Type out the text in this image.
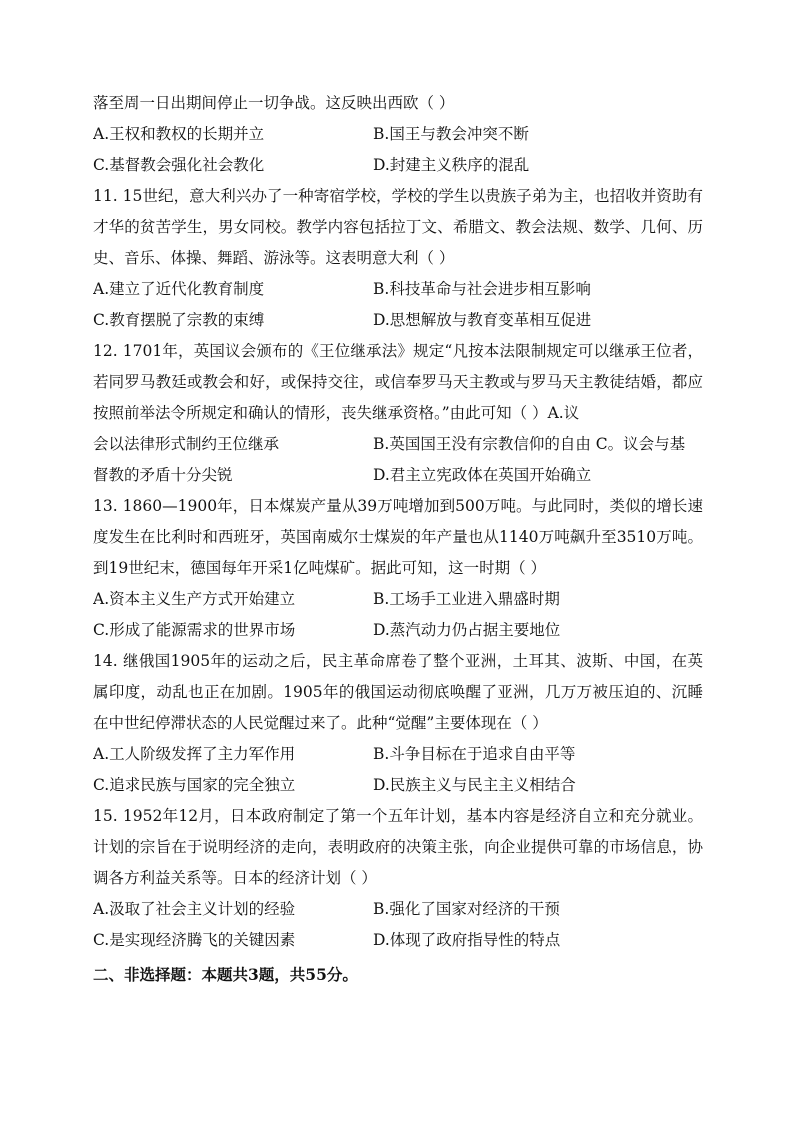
落至周一日出期间停止一切争战。这反映出西欧（ ）
A.王权和教权的长期并立	B.国王与教会冲突不断
C.基督教会强化社会教化	D.封建主义秩序的混乱
11. 15世纪，意大利兴办了一种寄宿学校，学校的学生以贵族子弟为主，也招收并资助有才华的贫苦学生，男女同校。教学内容包括拉丁文、希腊文、教会法规、数学、几何、历史、音乐、体操、舞蹈、游泳等。这表明意大利（ ）
A.建立了近代化教育制度	B.科技革命与社会进步相互影响
C.教育摆脱了宗教的束缚	D.思想解放与教育变革相互促进
12. 1701年，英国议会颁布的《王位继承法》规定“凡按本法限制规定可以继承王位者，若同罗马教廷或教会和好，或保持交往，或信奉罗马天主教或与罗马天主教徒结婚，都应按照前举法令所规定和确认的情形，丧失继承资格。”由此可知（ ）A.议
会以法律形式制约王位继承	B.英国国王没有宗教信仰的自由 C。议会与基
督教的矛盾十分尖锐	D.君主立宪政体在英国开始确立
13. 1860—1900年，日本煤炭产量从39万吨增加到500万吨。与此同时，类似的增长速度发生在比利时和西班牙，英国南威尔士煤炭的年产量也从1140万吨飙升至3510万吨。到19世纪末，德国每年开采1亿吨煤矿。据此可知，这一时期（ ）
A.资本主义生产方式开始建立	B.工场手工业进入鼎盛时期
C.形成了能源需求的世界市场	D.蒸汽动力仍占据主要地位
14. 继俄国1905年的运动之后，民主革命席卷了整个亚洲，土耳其、波斯、中国，在英属印度，动乱也正在加剧。1905年的俄国运动彻底唤醒了亚洲，几万万被压迫的、沉睡在中世纪停滞状态的人民觉醒过来了。此种“觉醒”主要体现在（ ）
A.工人阶级发挥了主力军作用	B.斗争目标在于追求自由平等
C.追求民族与国家的完全独立	D.民族主义与民主主义相结合
15. 1952年12月，日本政府制定了第一个五年计划，基本内容是经济自立和充分就业。计划的宗旨在于说明经济的走向，表明政府的决策主张，向企业提供可靠的市场信息，协调各方利益关系等。日本的经济计划（ ）
A.汲取了社会主义计划的经验	B.强化了国家对经济的干预
C.是实现经济腾飞的关键因素	D.体现了政府指导性的特点
二、非选择题：本题共3题，共55分。
